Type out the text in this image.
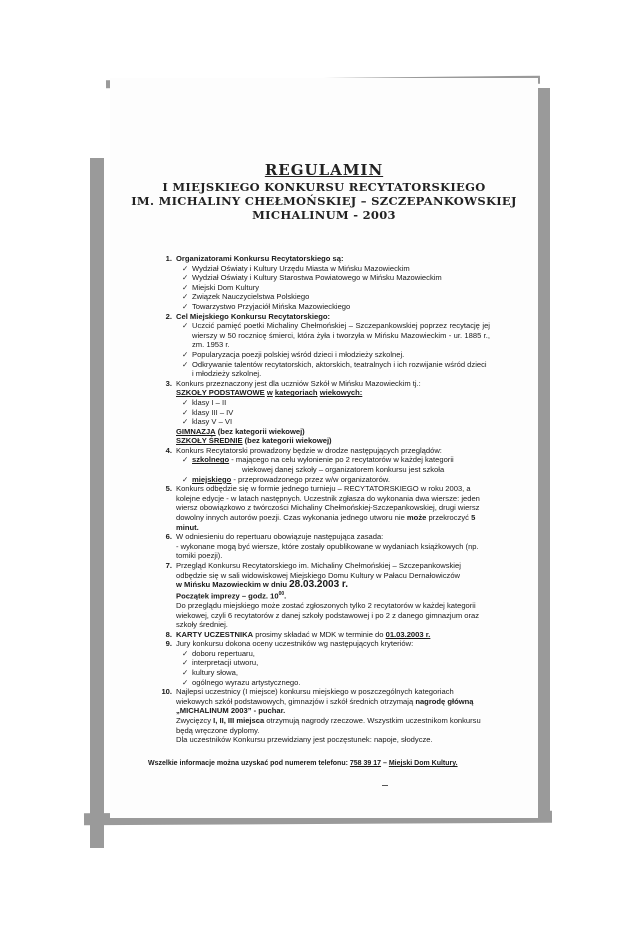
REGULAMIN
I MIEJSKIEGO KONKURSU RECYTATORSKIEGO
IM. MICHALINY CHEŁMOŃSKIEJ – SZCZEPANKOWSKIEJ
MICHALINUM - 2003
1. Organizatorami Konkursu Recytatorskiego są:
✓ Wydział Oświaty i Kultury Urzędu Miasta w Mińsku Mazowieckim
✓ Wydział Oświaty i Kultury Starostwa Powiatowego w Mińsku Mazowieckim
✓ Miejski Dom Kultury
✓ Związek Nauczycielstwa Polskiego
✓ Towarzystwo Przyjaciół Mińska Mazowieckiego
2. Cel Miejskiego Konkursu Recytatorskiego:
✓ Uczcić pamięć poetki Michaliny Chełmońskiej – Szczepankowskiej poprzez recytację jej wierszy w 50 rocznicę śmierci, która żyła i tworzyła w Mińsku Mazowieckim - ur. 1885 r., zm. 1953 r.
✓ Popularyzacja poezji polskiej wśród dzieci i młodzieży szkolnej.
✓ Odkrywanie talentów recytatorskich, aktorskich, teatralnych i ich rozwijanie wśród dzieci i młodzieży szkolnej.
3. Konkurs przeznaczony jest dla uczniów Szkół w Mińsku Mazowieckim tj.:
SZKOŁY PODSTAWOWE w kategoriach wiekowych:
✓ klasy I – II
✓ klasy III – IV
✓ klasy V – VI
GIMNAZJA (bez kategorii wiekowej)
SZKOŁY ŚREDNIE (bez kategorii wiekowej)
4. Konkurs Recytatorski prowadzony będzie w drodze następujących przeglądów:
✓ szkolnego - mającego na celu wyłonienie po 2 recytatorów w każdej kategorii
wiekowej danej szkoły – organizatorem konkursu jest szkoła
✓ miejskiego - przeprowadzonego przez w/w organizatorów.
5. Konkurs odbędzie się w formie jednego turnieju – RECYTATORSKIEGO w roku 2003, a kolejne edycje - w latach następnych. Uczestnik zgłasza do wykonania dwa wiersze: jeden wiersz obowiązkowo z twórczości Michaliny Chełmońskiej-Szczepankowskiej, drugi wiersz dowolny innych autorów poezji. Czas wykonania jednego utworu nie może przekroczyć 5 minut.
6. W odniesieniu do repertuaru obowiązuje następująca zasada:
- wykonane mogą być wiersze, które zostały opublikowane w wydaniach książkowych (np. tomiki poezji).
7. Przegląd Konkursu Recytatorskiego im. Michaliny Chełmońskiej – Szczepankowskiej odbędzie się w sali widowiskowej Miejskiego Domu Kultury w Pałacu Dernałowiczów
w Mińsku Mazowieckim w dniu 28.03.2003 r.
Początek imprezy – godz. $10^{00}$.
Do przeglądu miejskiego może zostać zgłoszonych tylko 2 recytatorów w każdej kategorii wiekowej, czyli 6 recytatorów z danej szkoły podstawowej i po 2 z danego gimnazjum oraz szkoły średniej.
8. KARTY UCZESTNIKA prosimy składać w MDK w terminie do 01.03.2003 r.
9. Jury konkursu dokona oceny uczestników wg następujących kryteriów:
✓ doboru repertuaru,
✓ interpretacji utworu,
✓ kultury słowa,
✓ ogólnego wyrazu artystycznego.
10. Najlepsi uczestnicy (I miejsce) konkursu miejskiego w poszczególnych kategoriach wiekowych szkół podstawowych, gimnazjów i szkół średnich otrzymają nagrodę główną „MICHALINUM 2003” - puchar.
Zwycięzcy I, II, III miejsca otrzymują nagrody rzeczowe. Wszystkim uczestnikom konkursu będą wręczone dyplomy.
Dla uczestników Konkursu przewidziany jest poczęstunek: napoje, słodycze.
Wszelkie informacje można uzyskać pod numerem telefonu: 758 39 17 – Miejski Dom Kultury.
